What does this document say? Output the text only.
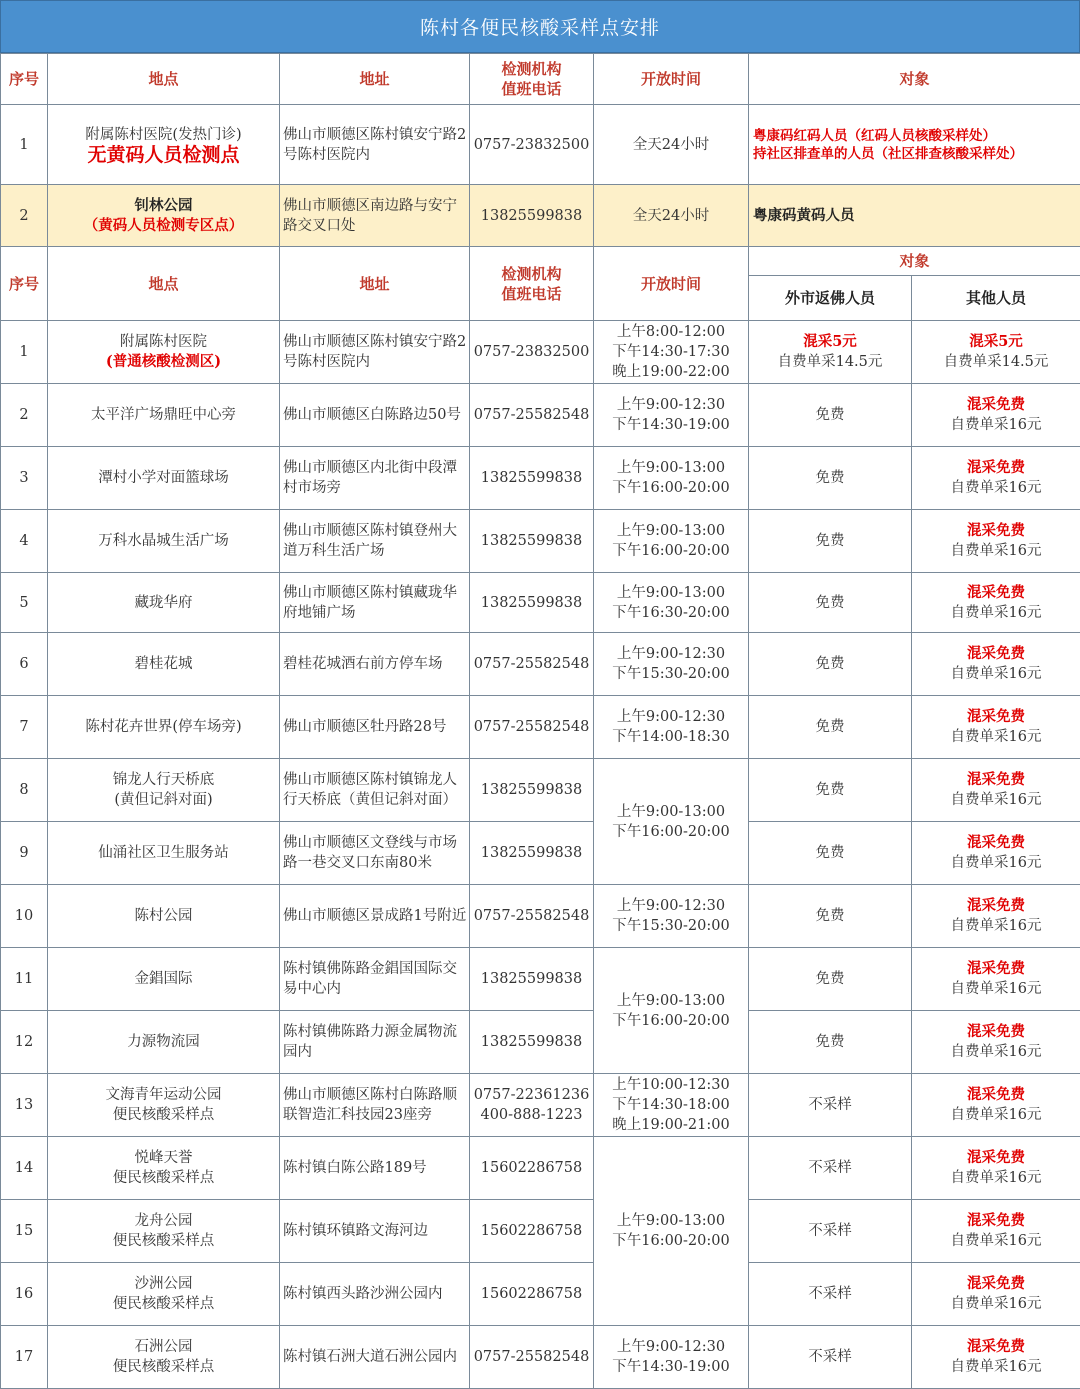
陈村各便民核酸采样点安排
序号	地点	地址	检测机构
值班电话	开放时间	对象	
1	附属陈村医院(发热门诊)
无黄码人员检测点	佛山市顺德区陈村镇安宁路2号陈村医院内	0757-23832500	全天24小时	粤康码红码人员（红码人员核酸采样处）
持社区排查单的人员（社区排查核酸采样处）	

2	钊林公园
（黄码人员检测专区点）	佛山市顺德区南边路与安宁路交叉口处	13825599838	全天24小时	粤康码黄码人员	
序号	地点	地址	检测机构
值班电话	开放时间	对象	
					外市返佛人员	其他人员
1	附属陈村医院
(普通核酸检测区)	佛山市顺德区陈村镇安宁路2号陈村医院内	0757-23832500	上午8:00-12:00
下午14:30-17:30
晚上19:00-22:00	混采5元
自费单采14.5元	混采5元
自费单采14.5元

2	太平洋广场鼎旺中心旁	佛山市顺德区白陈路边50号	0757-25582548	上午9:00-12:30
下午14:30-19:00	免费	混采免费
自费单采16元

3	潭村小学对面篮球场	佛山市顺德区内北街中段潭村市场旁	13825599838	上午9:00-13:00
下午16:00-20:00	免费	混采免费
自费单采16元

4	万科水晶城生活广场	佛山市顺德区陈村镇登州大道万科生活广场	13825599838	上午9:00-13:00
下午16:00-20:00	免费	混采免费
自费单采16元

5	藏珑华府	佛山市顺德区陈村镇藏珑华府地铺广场	13825599838	上午9:00-13:00
下午16:30-20:00	免费	混采免费
自费单采16元

6	碧桂花城	碧桂花城酒右前方停车场	0757-25582548	上午9:00-12:30
下午15:30-20:00	免费	混采免费
自费单采16元

7	陈村花卉世界(停车场旁)	佛山市顺德区牡丹路28号	0757-25582548	上午9:00-12:30
下午14:00-18:30	免费	混采免费
自费单采16元

8	锦龙人行天桥底
(黄但记斜对面)	佛山市顺德区陈村镇锦龙人行天桥底（黄但记斜对面）	13825599838	上午9:00-13:00
下午16:00-20:00	免费	混采免费
自费单采16元

9	仙涌社区卫生服务站	佛山市顺德区文登线与市场路一巷交叉口东南80米	13825599838		免费	混采免费
自费单采16元

10	陈村公园	佛山市顺德区景成路1号附近	0757-25582548	上午9:00-12:30
下午15:30-20:00	免费	混采免费
自费单采16元

11	金錩国际	陈村镇佛陈路金錩国国际交易中心内	13825599838	上午9:00-13:00
下午16:00-20:00	免费	混采免费
自费单采16元

12	力源物流园	陈村镇佛陈路力源金属物流园内	13825599838		免费	混采免费
自费单采16元

13	文海青年运动公园
便民核酸采样点	佛山市顺德区陈村白陈路顺联智造汇科技园23座旁	0757-22361236
400-888-1223	上午10:00-12:30
下午14:30-18:00
晚上19:00-21:00	不采样	混采免费
自费单采16元

14	悦峰天誉
便民核酸采样点	陈村镇白陈公路189号	15602286758	上午9:00-13:00
下午16:00-20:00	不采样	混采免费
自费单采16元

15	龙舟公园
便民核酸采样点	陈村镇环镇路文海河边	15602286758		不采样	混采免费
自费单采16元

16	沙洲公园
便民核酸采样点	陈村镇西头路沙洲公园内	15602286758		不采样	混采免费
自费单采16元

17	石洲公园
便民核酸采样点	陈村镇石洲大道石洲公园内	0757-25582548	上午9:00-12:30
下午14:30-19:00	不采样	混采免费
自费单采16元
